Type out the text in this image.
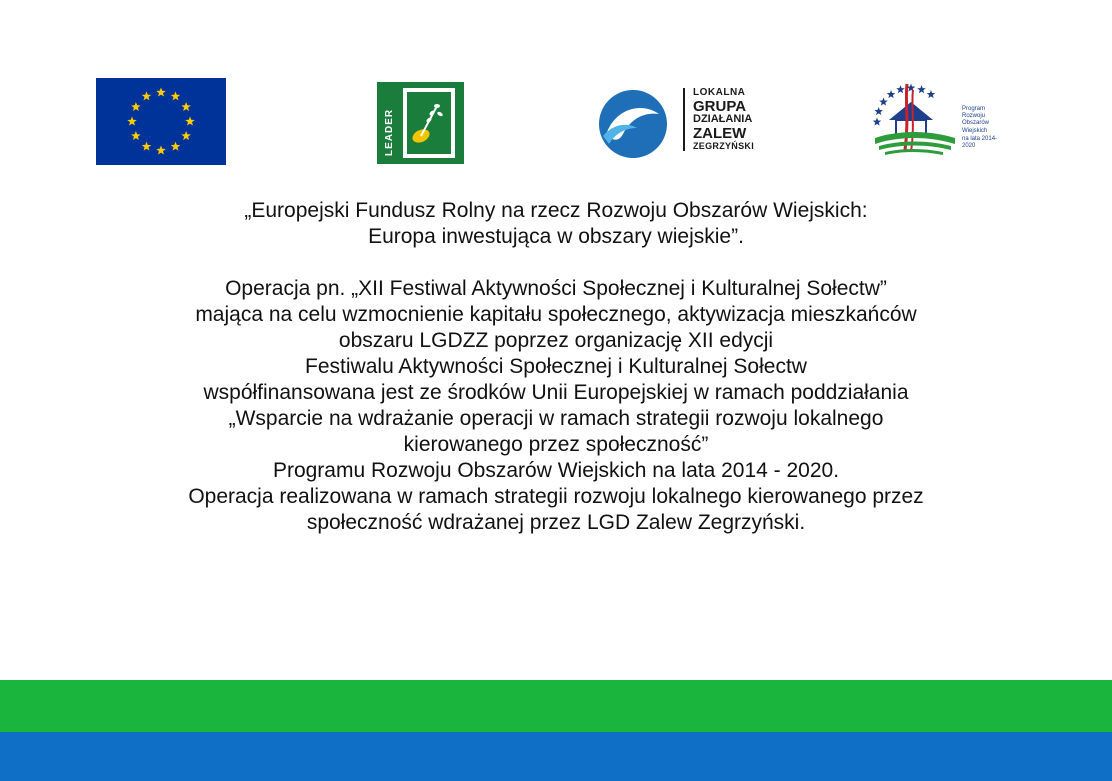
LEADER
LOKALNA
GRUPA
DZIAŁANIA
ZALEW
ZEGRZYŃSKI
Program
Rozwoju
Obszarów
Wiejskich
na lata 2014-2020

„Europejski Fundusz Rolny na rzecz Rozwoju Obszarów Wiejskich:

Europa inwestująca w obszary wiejskie”.

Operacja pn. „XII Festiwal Aktywności Społecznej i Kulturalnej Sołectw”

mająca na celu wzmocnienie kapitału społecznego, aktywizacja mieszkańców

obszaru LGDZZ poprzez organizację XII edycji

Festiwalu Aktywności Społecznej i Kulturalnej Sołectw

współfinansowana jest ze środków Unii Europejskiej w ramach poddziałania

„Wsparcie na wdrażanie operacji w ramach strategii rozwoju lokalnego

kierowanego przez społeczność”

Programu Rozwoju Obszarów Wiejskich na lata 2014 - 2020.

Operacja realizowana w ramach strategii rozwoju lokalnego kierowanego przez

społeczność wdrażanej przez LGD Zalew Zegrzyński.
